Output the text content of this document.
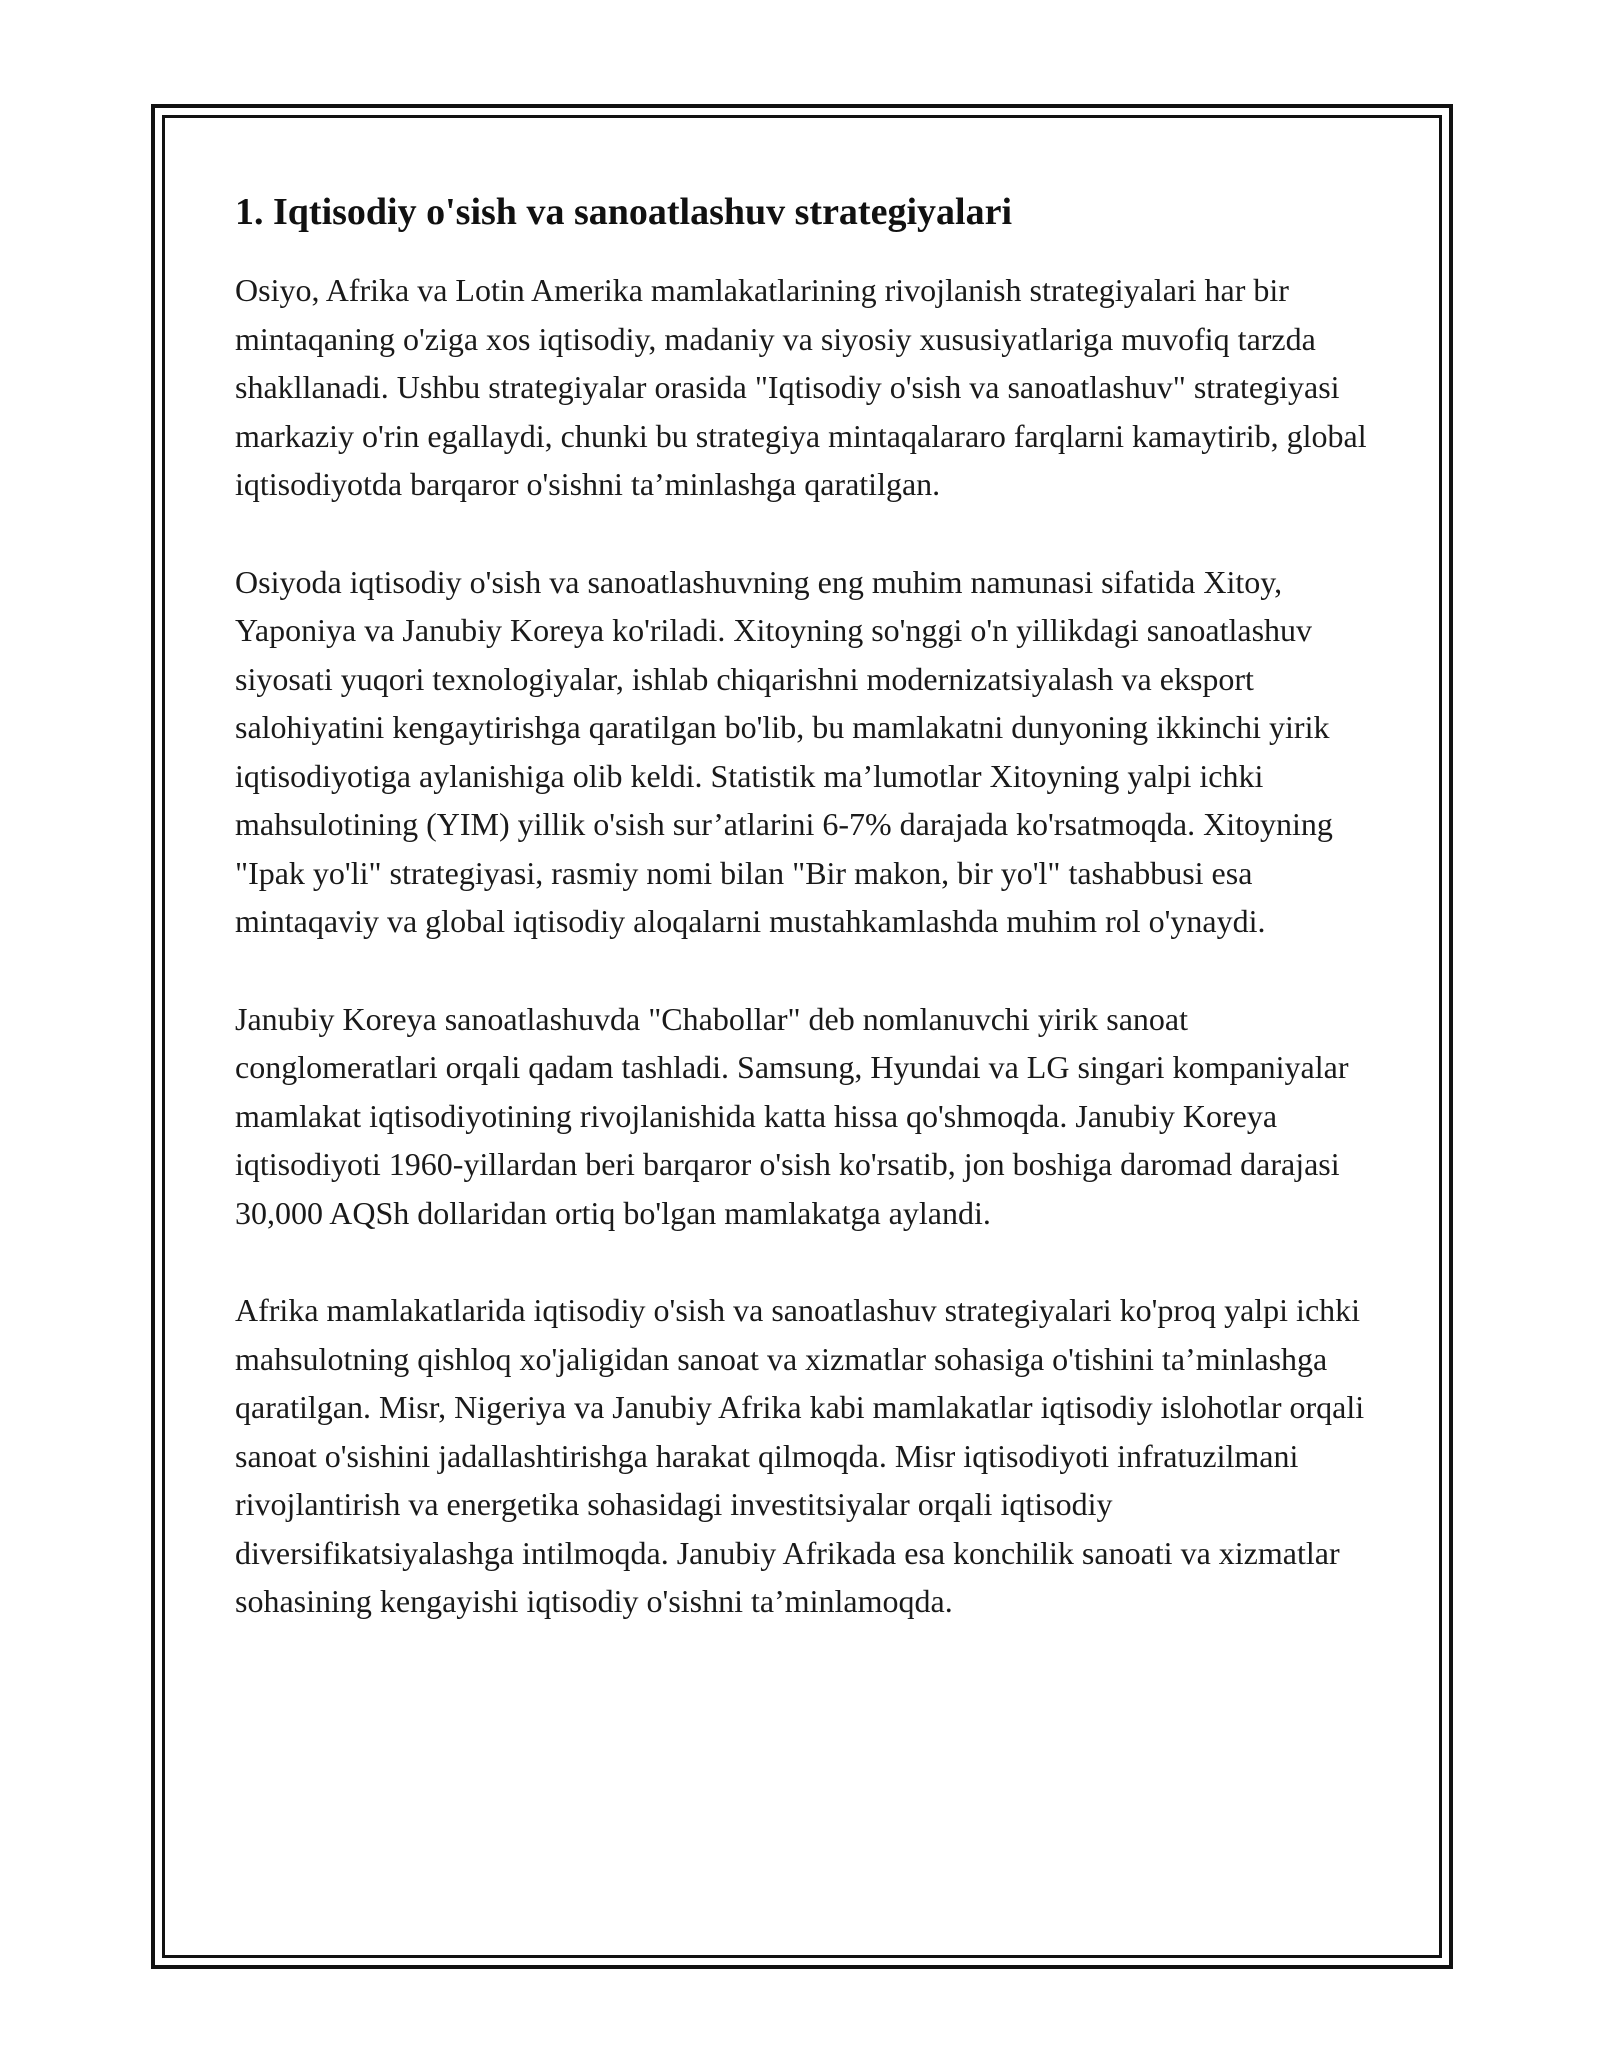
1. Iqtisodiy o's​ish va sanoatlashuv strategiyalari

Osiyo, Afrika va Lotin Amerika mamlakatlarining rivojlanish strategiyalari har bir mintaqaning o'ziga xos iqtisodiy, madaniy va siyosiy xususiyatlariga muvofiq tarzda shakllanadi. Ushbu strategiyalar orasida "Iqtisodiy o'sish va sanoatlashuv" strategiyasi markaziy o'rin egallaydi, chunki bu strategiya mintaqalararo farqlarni kamaytirib, global iqtisodiyotda barqaror o'sishni ta’minlashga qaratilgan.

Osiyoda iqtisodiy o'sish va sanoatlashuvning eng muhim namunasi sifatida Xitoy, Yaponiya va Janubiy Koreya ko'riladi. Xitoyning so'nggi o'n yillikdagi sanoatlashuv siyosati yuqori texnologiyalar, ishlab chiqarishni modernizatsiyalash va eksport salohiyatini kengaytirishga qaratilgan bo'lib, bu mamlakatni dunyoning ikkinchi yirik iqtisodiyotiga aylanishiga olib keldi. Statistik ma’lumotlar Xitoyning yalpi ichki mahsulotining (YIM) yillik o'sish sur’atlarini 6-7% darajada ko'rsatmoqda. Xitoyning "Ipak yo'li" strategiyasi, rasmiy nomi bilan "Bir makon, bir yo'l" tashabbusi esa mintaqaviy va global iqtisodiy aloqalarni mustahkamlashda muhim rol o'ynaydi.

Janubiy Koreya sanoatlashuvda "Chabollar" deb nomlanuvchi yirik sanoat conglomeratlari orqali qadam tashladi. Samsung, Hyundai va LG singari kompaniyalar mamlakat iqtisodiyotining rivojlanishida katta hissa qo'shmoqda. Janubiy Koreya iqtisodiyoti 1960-yillardan beri barqaror o'sish ko'rsatib, jon boshiga daromad darajasi 30,000 AQSh dollaridan ortiq bo'lgan mamlakatga aylandi.

Afrika mamlakatlarida iqtisodiy o'sish va sanoatlashuv strategiyalari ko'proq yalpi ichki mahsulotning qishloq xo'jaligidan sanoat va xizmatlar sohasiga o'tishini ta’minlashga qaratilgan. Misr, Nigeriya va Janubiy Afrika kabi mamlakatlar iqtisodiy islohotlar orqali sanoat o'sishini jadallashtirishga harakat qilmoqda. Misr iqtisodiyoti infratuzilmani rivojlantirish va energetika sohasidagi investitsiyalar orqali iqtisodiy diversifikatsiyalashga intilmoqda. Janubiy Afrikada esa konchilik sanoati va xizmatlar sohasining kengayishi iqtisodiy o'sishni ta’minlamoqda.
